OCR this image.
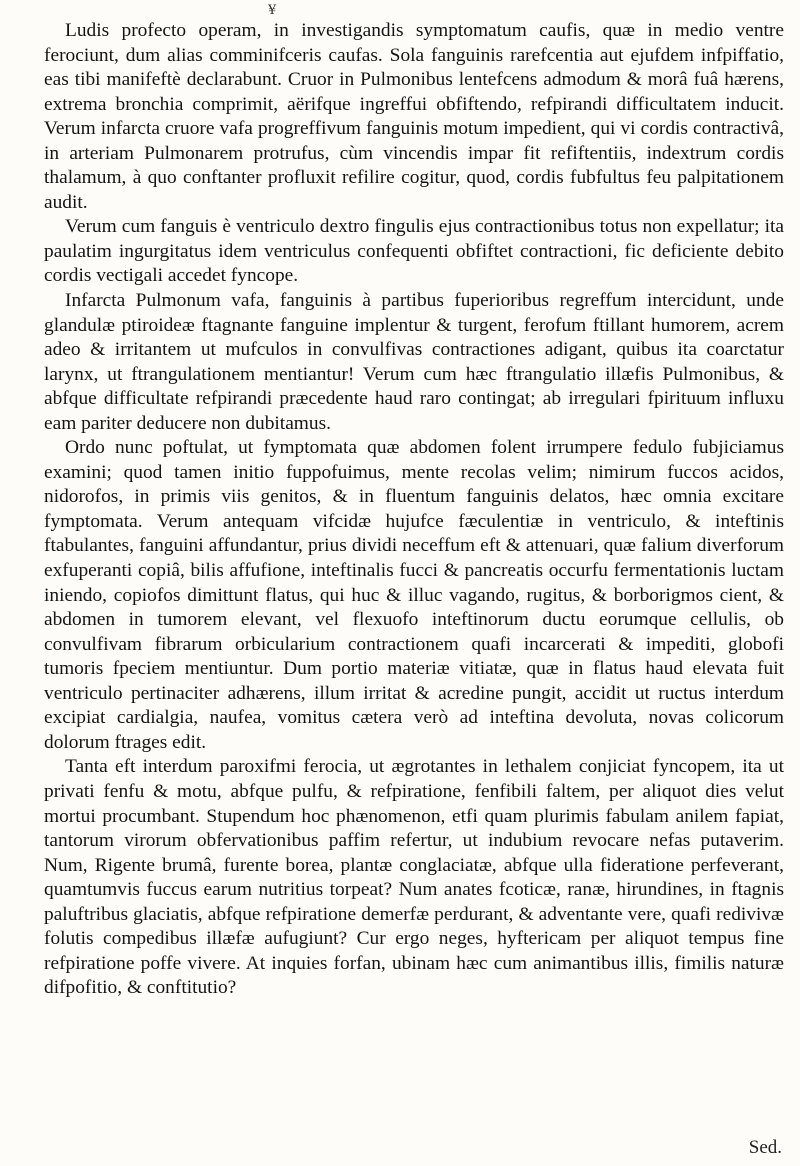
¥

Ludis profecto operam, in investigandis symptomatum caufis, quæ in medio ventre ferociunt, dum alias comminifceris caufas. Sola fanguinis rarefcentia aut ejufdem infpiffatio, eas tibi manifeftè declarabunt. Cruor in Pulmonibus lentefcens admodum & morâ fuâ hærens, extrema bronchia comprimit, aërifque ingreffui obfiftendo, refpirandi difficultatem inducit. Verum infarcta cruore vafa progreffivum fanguinis motum impedient, qui vi cordis contractivâ, in arteriam Pulmonarem protrufus, cùm vincendis impar fit refiftentiis, indextrum cordis thalamum, à quo conftanter profluxit refilire cogitur, quod, cordis fubfultus feu palpitationem audit.

Verum cum fanguis è ventriculo dextro fingulis ejus contractionibus totus non expellatur; ita paulatim ingurgitatus idem ventriculus confequenti obfiftet contractioni, fic deficiente debito cordis vectigali accedet fyncope.

Infarcta Pulmonum vafa, fanguinis à partibus fuperioribus regreffum intercidunt, unde glandulæ ptiroideæ ftagnante fanguine implentur & turgent, ferofum ftillant humorem, acrem adeo & irritantem ut mufculos in convulfivas contractiones adigant, quibus ita coarctatur larynx, ut ftrangulationem mentiantur! Verum cum hæc ftrangulatio illæfis Pulmonibus, & abfque difficultate refpirandi præcedente haud raro contingat; ab irregulari fpirituum influxu eam pariter deducere non dubitamus.

Ordo nunc poftulat, ut fymptomata quæ abdomen folent irrumpere fedulo fubjiciamus examini; quod tamen initio fuppofuimus, mente recolas velim; nimirum fuccos acidos, nidorofos, in primis viis genitos, & in fluentum fanguinis delatos, hæc omnia excitare fymptomata. Verum antequam vifcidæ hujufce fæculentiæ in ventriculo, & inteftinis ftabulantes, fanguini affundantur, prius dividi neceffum eft & attenuari, quæ falium diverforum exfuperanti copiâ, bilis affufione, inteftinalis fucci & pancreatis occurfu fermentationis luctam iniendo, copiofos dimittunt flatus, qui huc & illuc vagando, rugitus, & borborigmos cient, & abdomen in tumorem elevant, vel flexuofo inteftinorum ductu eorumque cellulis, ob convulfivam fibrarum orbicularium contractionem quafi incarcerati & impediti, globofi tumoris fpeciem mentiuntur. Dum portio materiæ vitiatæ, quæ in flatus haud elevata fuit ventriculo pertinaciter adhærens, illum irritat & acredine pungit, accidit ut ructus interdum excipiat cardialgia, naufea, vomitus cætera verò ad inteftina devoluta, novas colicorum dolorum ftrages edit.

Tanta eft interdum paroxifmi ferocia, ut ægrotantes in lethalem conjiciat fyncopem, ita ut privati fenfu & motu, abfque pulfu, & refpiratione, fenfibili faltem, per aliquot dies velut mortui procumbant. Stupendum hoc phænomenon, etfi quam plurimis fabulam anilem fapiat, tantorum virorum obfervationibus paffim refertur, ut indubium revocare nefas putaverim. Num, Rigente brumâ, furente borea, plantæ conglaciatæ, abfque ulla fideratione perfeverant, quamtumvis fuccus earum nutritius torpeat? Num anates fcoticæ, ranæ, hirundines, in ftagnis paluftribus glaciatis, abfque refpiratione demerfæ perdurant, & adventante vere, quafi redivivæ folutis compedibus illæfæ aufugiunt? Cur ergo neges, hyftericam per aliquot tempus fine refpiratione poffe vivere. At inquies forfan, ubinam hæc cum animantibus illis, fimilis naturæ difpofitio, & conftitutio?

Sed.
